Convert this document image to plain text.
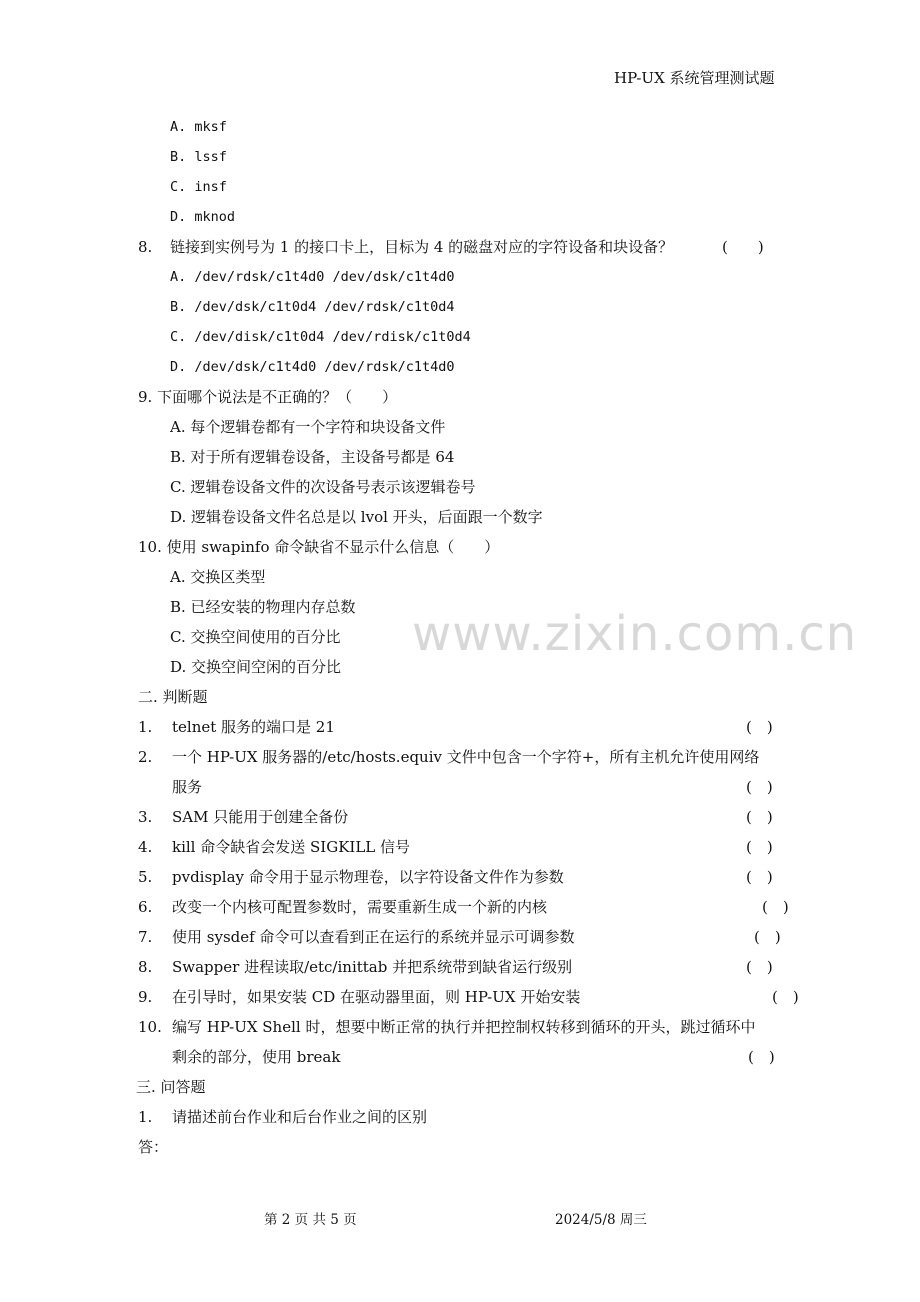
HP-UX 系统管理测试题
www.zixin.com.cn
A. mksf
B. lssf
C. insf
D. mknod
8. 链接到实例号为 1 的接口卡上，目标为 4 的磁盘对应的字符设备和块设备？	(　　)
A. /dev/rdsk/c1t4d0 /dev/dsk/c1t4d0
B. /dev/dsk/c1t0d4 /dev/rdsk/c1t0d4
C. /dev/disk/c1t0d4 /dev/rdisk/c1t0d4
D. /dev/dsk/c1t4d0 /dev/rdsk/c1t4d0
9. 下面哪个说法是不正确的？（　　）
A. 每个逻辑卷都有一个字符和块设备文件
B. 对于所有逻辑卷设备，主设备号都是 64
C. 逻辑卷设备文件的次设备号表示该逻辑卷号
D. 逻辑卷设备文件名总是以 lvol 开头，后面跟一个数字
10. 使用 swapinfo 命令缺省不显示什么信息（　　）
A. 交换区类型
B. 已经安装的物理内存总数
C. 交换空间使用的百分比
D. 交换空间空闲的百分比
二. 判断题
1. telnet 服务的端口是 21	(　)
2. 一个 HP-UX 服务器的/etc/hosts.equiv 文件中包含一个字符+，所有主机允许使用网络
服务	(　)
3. SAM 只能用于创建全备份	(　)
4. kill 命令缺省会发送 SIGKILL 信号	(　)
5. pvdisplay 命令用于显示物理卷，以字符设备文件作为参数	(　)
6. 改变一个内核可配置参数时，需要重新生成一个新的内核	(　)
7. 使用 sysdef 命令可以查看到正在运行的系统并显示可调参数	(　)
8. Swapper 进程读取/etc/inittab 并把系统带到缺省运行级别	(　)
9. 在引导时，如果安装 CD 在驱动器里面，则 HP-UX 开始安装	(　)
10. 编写 HP-UX Shell 时，想要中断正常的执行并把控制权转移到循环的开头，跳过循环中
剩余的部分，使用 break	(　)
三. 问答题
1. 请描述前台作业和后台作业之间的区别
答：
第 2 页 共 5 页	2024/5/8 周三
